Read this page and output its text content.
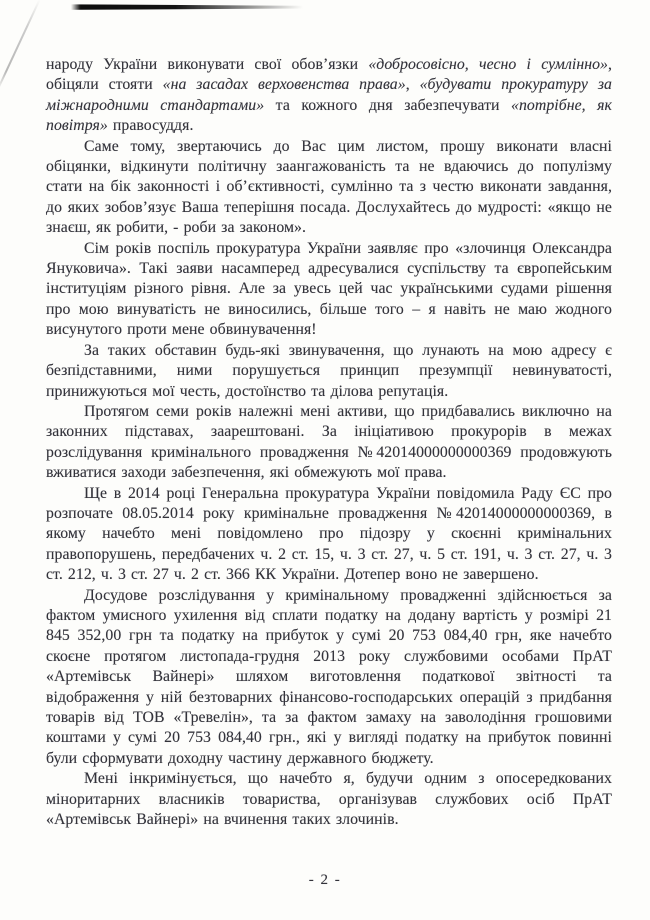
народу України виконувати свої обов’язки «добросовісно, чесно і сумлінно», обіцяли стояти «на засадах верховенства права», «будувати прокуратуру за міжнародними стандартами» та кожного дня забезпечувати «потрібне, як повітря» правосуддя.

Саме тому, звертаючись до Вас цим листом, прошу виконати власні обіцянки, відкинути політичну заангажованість та не вдаючись до популізму стати на бік законності і об’єктивності, сумлінно та з честю виконати завдання, до яких зобов’язує Ваша теперішня посада. Дослухайтесь до мудрості: «якщо не знаєш, як робити, - роби за законом».

Сім років поспіль прокуратура України заявляє про «злочинця Олександра Януковича». Такі заяви насамперед адресувалися суспільству та європейським інституціям різного рівня. Але за увесь цей час українськими судами рішення про мою винуватість не виносились, більше того – я навіть не маю жодного висунутого проти мене обвинувачення!

За таких обставин будь-які звинувачення, що лунають на мою адресу є безпідставними, ними порушується принцип презумпції невинуватості, принижуються мої честь, достоїнство та ділова репутація.

Протягом семи років належні мені активи, що придбавались виключно на законних підставах, заарештовані. За ініціативою прокурорів в межах розслідування кримінального провадження №42014000000000369 продовжують вживатися заходи забезпечення, які обмежують мої права.

Ще в 2014 році Генеральна прокуратура України повідомила Раду ЄС про розпочате 08.05.2014 року кримінальне провадження №42014000000000369, в якому начебто мені повідомлено про підозру у скоєнні кримінальних правопорушень, передбачених ч. 2 ст. 15, ч. 3 ст. 27, ч. 5 ст. 191, ч. 3 ст. 27, ч. 3 ст. 212, ч. 3 ст. 27 ч. 2 ст. 366 КК України. Дотепер воно не завершено.

Досудове розслідування у кримінальному провадженні здійснюється за фактом умисного ухилення від сплати податку на додану вартість у розмірі 21 845 352,00 грн та податку на прибуток у сумі 20 753 084,40 грн, яке начебто скоєне протягом листопада-грудня 2013 року службовими особами ПрАТ «Артемівськ Вайнері» шляхом виготовлення податкової звітності та відображення у ній безтоварних фінансово-господарських операцій з придбання товарів від ТОВ «Тревелін», та за фактом замаху на заволодіння грошовими коштами у сумі 20 753 084,40 грн., які у вигляді податку на прибуток повинні були сформувати доходну частину державного бюджету.

Мені інкримінується, що начебто я, будучи одним з опосередкованих міноритарних власників товариства, організував службових осіб ПрАТ «Артемівськ Вайнері» на вчинення таких злочинів.

- 2 -
